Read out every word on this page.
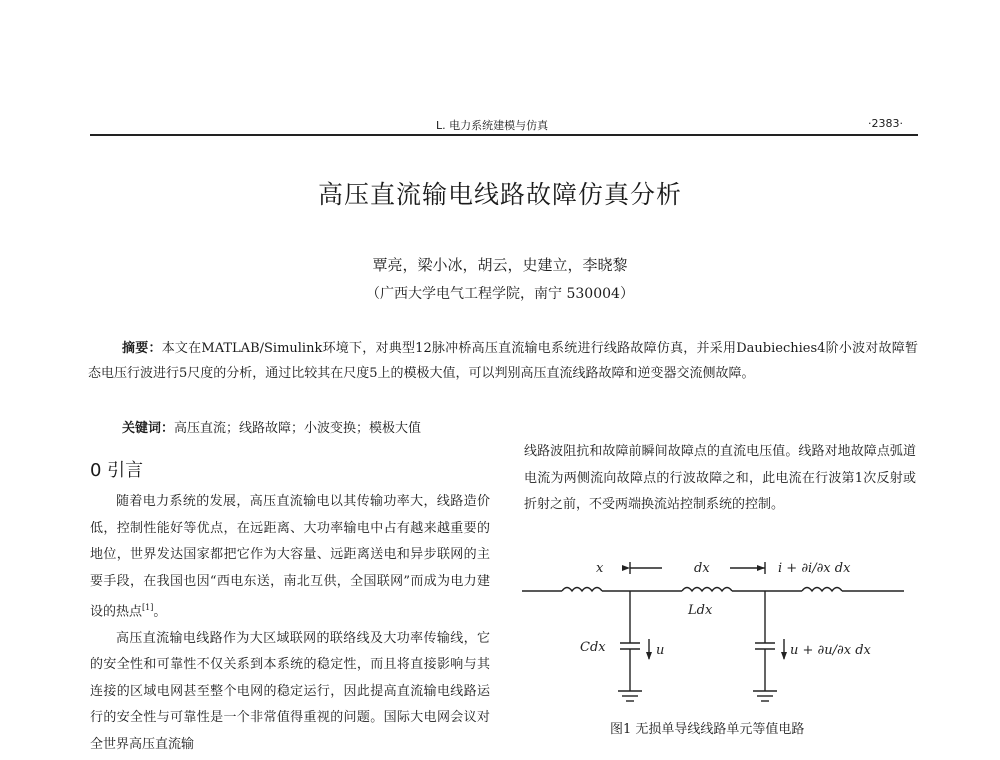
L. 电力系统建模与仿真	·2383·
高压直流输电线路故障仿真分析
覃亮，梁小冰，胡云，史建立，李晓黎
（广西大学电气工程学院，南宁 530004）
摘要：本文在MATLAB/Simulink环境下，对典型12脉冲桥高压直流输电系统进行线路故障仿真，并采用Daubiechies4阶小波对故障暂态电压行波进行5尺度的分析，通过比较其在尺度5上的模极大值，可以判别高压直流线路故障和逆变器交流侧故障。
关键词：高压直流；线路故障；小波变换；模极大值
0 引言

随着电力系统的发展，高压直流输电以其传输功率大，线路造价低，控制性能好等优点，在远距离、大功率输电中占有越来越重要的地位，世界发达国家都把它作为大容量、远距离送电和异步联网的主要手段，在我国也因“西电东送，南北互供，全国联网”而成为电力建设的热点[1]。

高压直流输电线路作为大区域联网的联络线及大功率传输线，它的安全性和可靠性不仅关系到本系统的稳定性，而且将直接影响与其连接的区域电网甚至整个电网的稳定运行，因此提高直流输电线路运行的安全性与可靠性是一个非常值得重视的问题。国际大电网会议对全世界高压直流输

线路波阻抗和故障前瞬间故障点的直流电压值。线路对地故障点弧道电流为两侧流向故障点的行波故障之和，此电流在行波第1次反射或折射之前，不受两端换流站控制系统的控制。
x	dx	i + ∂i/∂x dx
Ldx
Cdx	u	u + ∂u/∂x dx
图1 无损单导线线路单元等值电路
